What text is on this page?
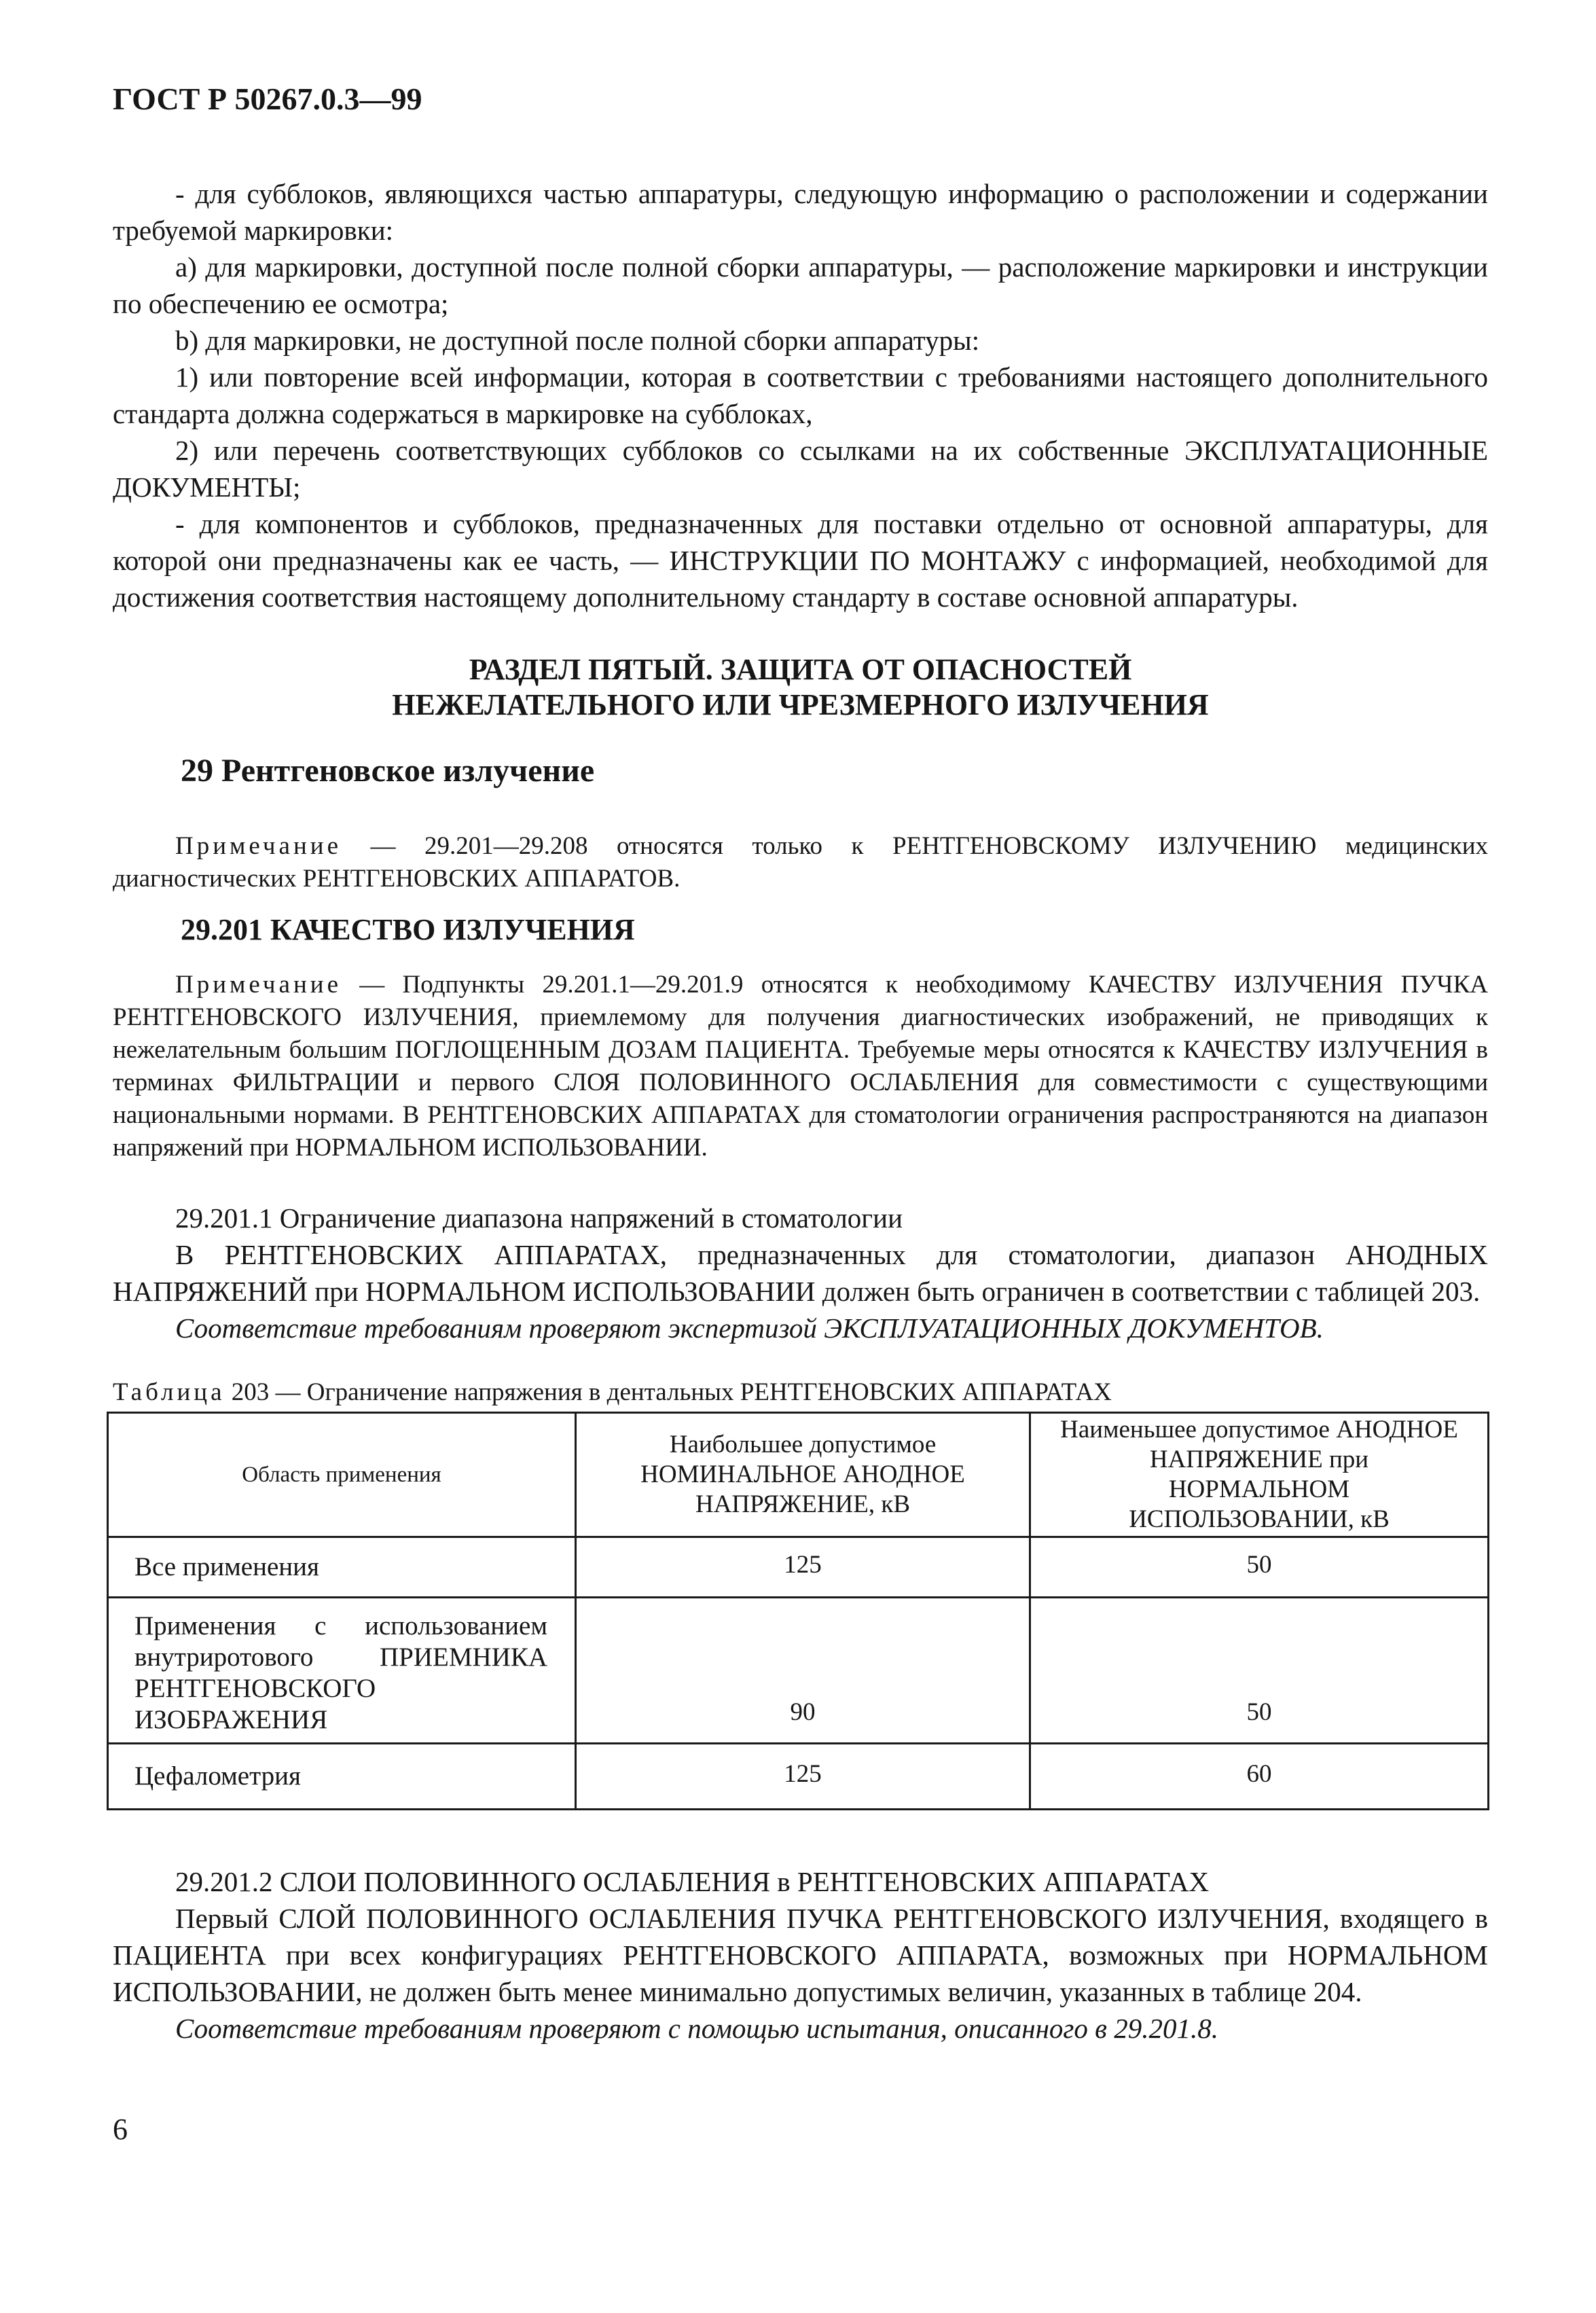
ГОСТ Р 50267.0.3—99

- для субблоков, являющихся частью аппаратуры, следующую информацию о расположении и содержании требуемой маркировки:

а) для маркировки, доступной после полной сборки аппаратуры, — расположение маркировки и инструкции по обеспечению ее осмотра;

b) для маркировки, не доступной после полной сборки аппаратуры:

1) или повторение всей информации, которая в соответствии с требованиями настоящего дополнительного стандарта должна содержаться в маркировке на субблоках,

2) или перечень соответствующих субблоков со ссылками на их собственные ЭКСПЛУАТАЦИОННЫЕ ДОКУМЕНТЫ;

- для компонентов и субблоков, предназначенных для поставки отдельно от основной аппаратуры, для которой они предназначены как ее часть, — ИНСТРУКЦИИ ПО МОНТАЖУ с информацией, необходимой для достижения соответствия настоящему дополнительному стандарту в составе основной аппаратуры.

РАЗДЕЛ ПЯТЫЙ. ЗАЩИТА ОТ ОПАСНОСТЕЙ
НЕЖЕЛАТЕЛЬНОГО ИЛИ ЧРЕЗМЕРНОГО ИЗЛУЧЕНИЯ
29 Рентгеновское излучение

Примечание — 29.201—29.208 относятся только к РЕНТГЕНОВСКОМУ ИЗЛУЧЕНИЮ медицинских диагностических РЕНТГЕНОВСКИХ АППАРАТОВ.

29.201 КАЧЕСТВО ИЗЛУЧЕНИЯ

Примечание — Подпункты 29.201.1—29.201.9 относятся к необходимому КАЧЕСТВУ ИЗЛУЧЕНИЯ ПУЧКА РЕНТГЕНОВСКОГО ИЗЛУЧЕНИЯ, приемлемому для получения диагностических изображений, не приводящих к нежелательным большим ПОГЛОЩЕННЫМ ДОЗАМ ПАЦИЕНТА. Требуемые меры относятся к КАЧЕСТВУ ИЗЛУЧЕНИЯ в терминах ФИЛЬТРАЦИИ и первого СЛОЯ ПОЛОВИННОГО ОСЛАБЛЕНИЯ для совместимости с существующими национальными нормами. В РЕНТГЕНОВСКИХ АППАРАТАХ для стоматологии ограничения распространяются на диапазон напряжений при НОРМАЛЬНОМ ИСПОЛЬЗОВАНИИ.

29.201.1 Ограничение диапазона напряжений в стоматологии

В РЕНТГЕНОВСКИХ АППАРАТАХ, предназначенных для стоматологии, диапазон АНОДНЫХ НАПРЯЖЕНИЙ при НОРМАЛЬНОМ ИСПОЛЬЗОВАНИИ должен быть ограничен в соответствии с таблицей 203.

Соответствие требованиям проверяют экспертизой ЭКСПЛУАТАЦИОННЫХ ДОКУМЕНТОВ.

Таблица 203 — Ограничение напряжения в дентальных РЕНТГЕНОВСКИХ АППАРАТАХ

Область применения	Наибольшее допустимое НОМИНАЛЬНОЕ АНОДНОЕ НАПРЯЖЕНИЕ, кВ	Наименьшее допустимое АНОДНОЕ НАПРЯЖЕНИЕ при НОРМАЛЬНОМ ИСПОЛЬЗОВАНИИ, кВ
Все применения	125	50
Применения с использованием внутриротового ПРИЕМНИКА РЕНТГЕНОВСКОГО ИЗОБРАЖЕНИЯ	90	50
Цефалометрия	125	60

29.201.2 СЛОИ ПОЛОВИННОГО ОСЛАБЛЕНИЯ в РЕНТГЕНОВСКИХ АППАРАТАХ

Первый СЛОЙ ПОЛОВИННОГО ОСЛАБЛЕНИЯ ПУЧКА РЕНТГЕНОВСКОГО ИЗЛУЧЕНИЯ, входящего в ПАЦИЕНТА при всех конфигурациях РЕНТГЕНОВСКОГО АППАРАТА, возможных при НОРМАЛЬНОМ ИСПОЛЬЗОВАНИИ, не должен быть менее минимально допустимых величин, указанных в таблице 204.

Соответствие требованиям проверяют с помощью испытания, описанного в 29.201.8.

6
